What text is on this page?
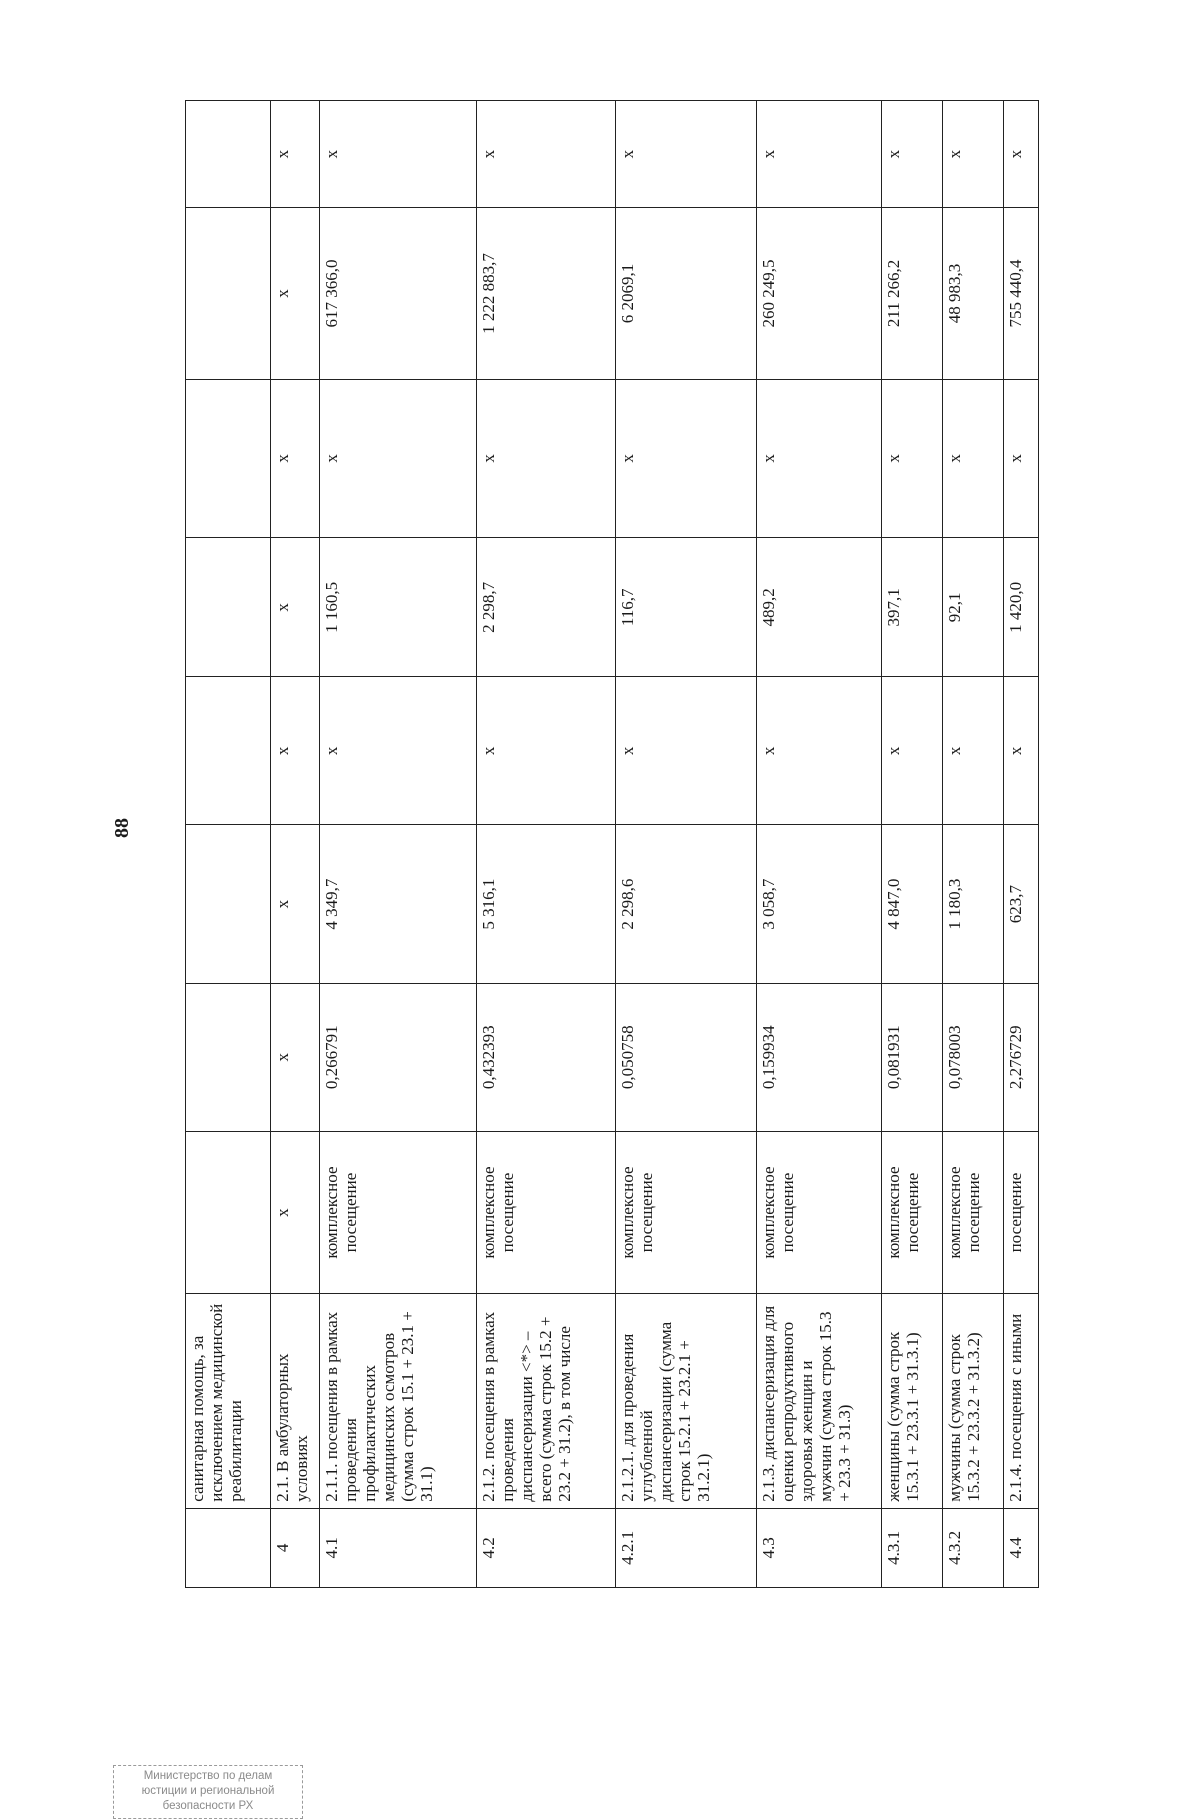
88
	санитарная помощь, за исключением медицинской реабилитации								
4	2.1. В амбулаторных условиях	х	х	х	х	х	х	х	х
4.1	2.1.1. посещения в рамках проведения профилактических медицинских осмотров (сумма строк 15.1 + 23.1 + 31.1)	комплексное посещение	0,266791	4 349,7	х	1 160,5	х	617 366,0	х
4.2	2.1.2. посещения в рамках проведения диспансеризации <*> – всего (сумма строк 15.2 + 23.2 + 31.2), в том числе	комплексное посещение	0,432393	5 316,1	х	2 298,7	х	1 222 883,7	х
4.2.1	2.1.2.1. для проведения углубленной диспансеризации (сумма строк 15.2.1 + 23.2.1 + 31.2.1)	комплексное посещение	0,050758	2 298,6	х	116,7	х	6 2069,1	х
4.3	2.1.3. диспансеризация для оценки репродуктивного здоровья женщин и мужчин (сумма строк 15.3 + 23.3 + 31.3)	комплексное посещение	0,159934	3 058,7	х	489,2	х	260 249,5	х
4.3.1	женщины (сумма строк 15.3.1 + 23.3.1 + 31.3.1)	комплексное посещение	0,081931	4 847,0	х	397,1	х	211 266,2	х
4.3.2	мужчины (сумма строк 15.3.2 + 23.3.2 + 31.3.2)	комплексное посещение	0,078003	1 180,3	х	92,1	х	48 983,3	х
4.4	2.1.4. посещения с иными	посещение	2,276729	623,7	х	1 420,0	х	755 440,4	х
Министерство по делам
юстиции и региональной
безопасности РХ
